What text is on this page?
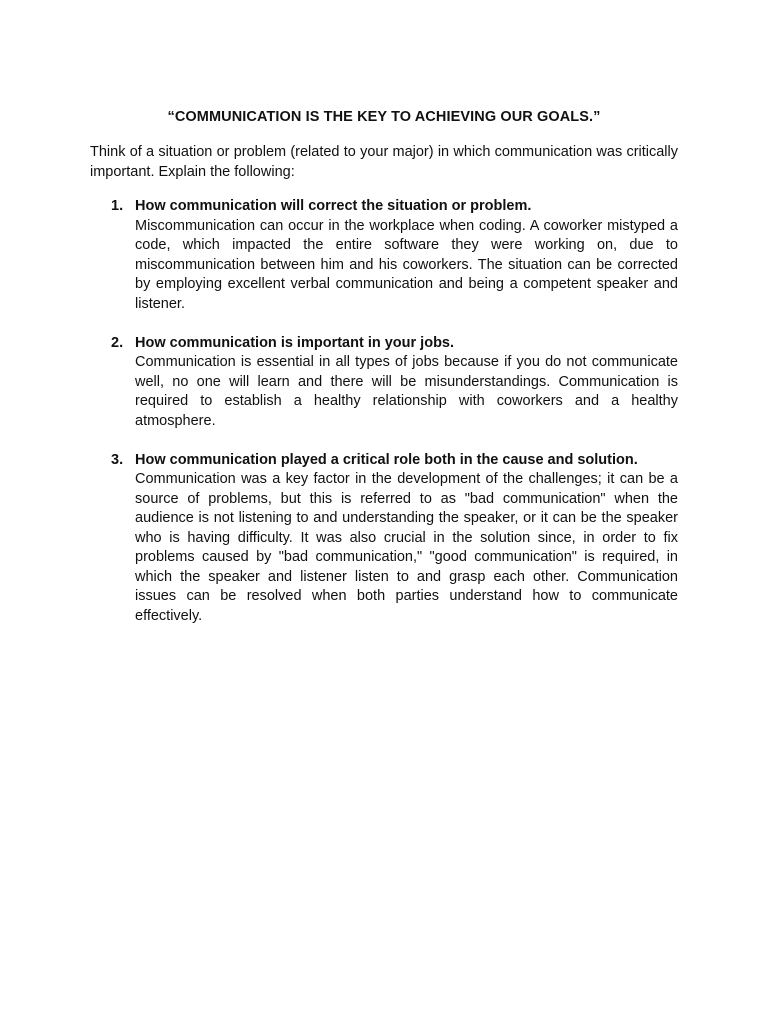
“COMMUNICATION IS THE KEY TO ACHIEVING OUR GOALS.”
Think of a situation or problem (related to your major) in which communication was critically important. Explain the following:
1. How communication will correct the situation or problem.
Miscommunication can occur in the workplace when coding. A coworker mistyped a code, which impacted the entire software they were working on, due to miscommunication between him and his coworkers. The situation can be corrected by employing excellent verbal communication and being a competent speaker and listener.
2. How communication is important in your jobs.
Communication is essential in all types of jobs because if you do not communicate well, no one will learn and there will be misunderstandings. Communication is required to establish a healthy relationship with coworkers and a healthy atmosphere.
3. How communication played a critical role both in the cause and solution.
Communication was a key factor in the development of the challenges; it can be a source of problems, but this is referred to as "bad communication" when the audience is not listening to and understanding the speaker, or it can be the speaker who is having difficulty. It was also crucial in the solution since, in order to fix problems caused by "bad communication," "good communication" is required, in which the speaker and listener listen to and grasp each other. Communication issues can be resolved when both parties understand how to communicate effectively.
